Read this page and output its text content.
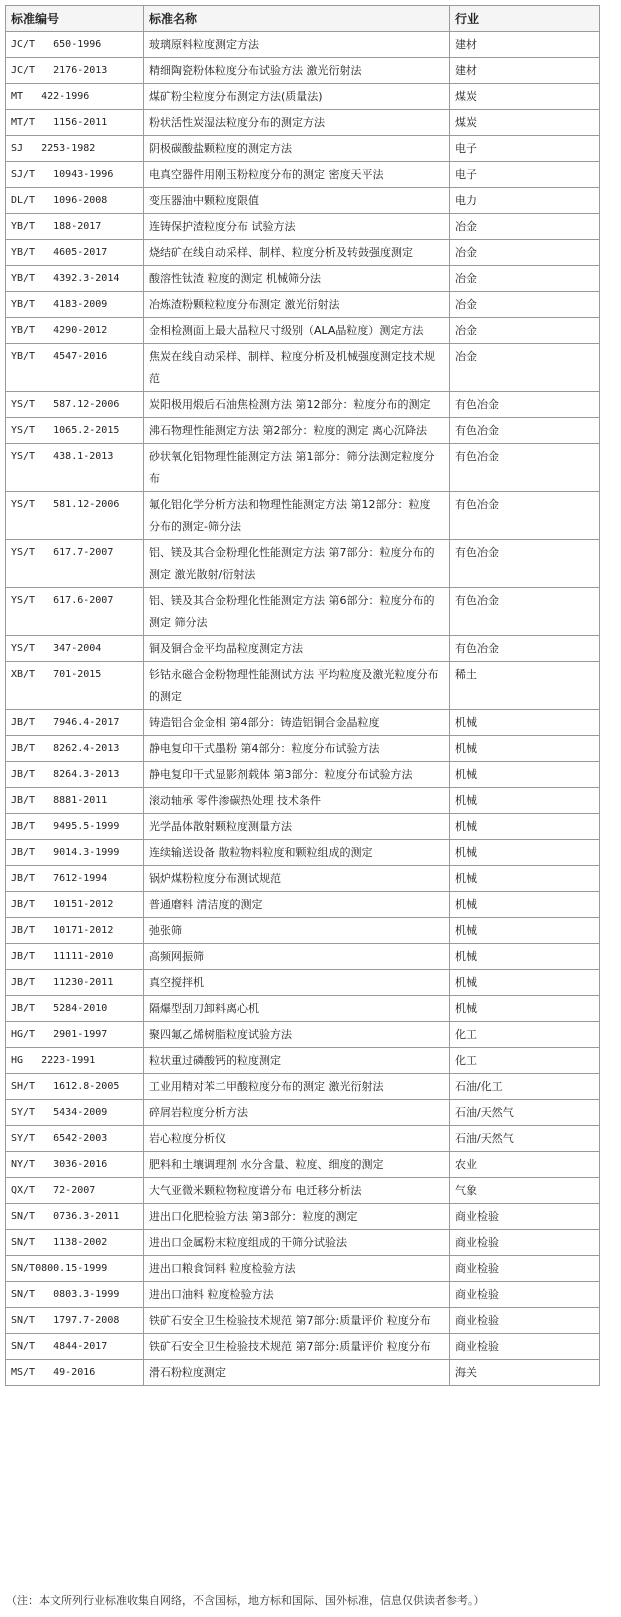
标准编号	标准名称	行业
JC/T   650-1996	玻璃原料粒度测定方法	建材
JC/T   2176-2013	精细陶瓷粉体粒度分布试验方法 激光衍射法	建材
MT   422-1996	煤矿粉尘粒度分布测定方法(质量法)	煤炭
MT/T   1156-2011	粉状活性炭湿法粒度分布的测定方法	煤炭
SJ   2253-1982	阴极碳酸盐颗粒度的测定方法	电子
SJ/T   10943-1996	电真空器件用刚玉粉粒度分布的测定 密度天平法	电子
DL/T   1096-2008	变压器油中颗粒度限值	电力
YB/T   188-2017	连铸保护渣粒度分布 试验方法	冶金
YB/T   4605-2017	烧结矿在线自动采样、制样、粒度分析及转鼓强度测定	冶金
YB/T   4392.3-2014	酸溶性钛渣 粒度的测定 机械筛分法	冶金
YB/T   4183-2009	冶炼渣粉颗粒粒度分布测定 激光衍射法	冶金
YB/T   4290-2012	金相检测面上最大晶粒尺寸级别（ALA晶粒度）测定方法	冶金
YB/T   4547-2016	焦炭在线自动采样、制样、粒度分析及机械强度测定技术规范	冶金
YS/T   587.12-2006	炭阳极用煅后石油焦检测方法 第12部分：粒度分布的测定	有色冶金
YS/T   1065.2-2015	沸石物理性能测定方法 第2部分：粒度的测定 离心沉降法	有色冶金
YS/T   438.1-2013	砂状氧化铝物理性能测定方法 第1部分：筛分法测定粒度分布	有色冶金
YS/T   581.12-2006	氟化铝化学分析方法和物理性能测定方法 第12部分：粒度分布的测定-筛分法	有色冶金
YS/T   617.7-2007	铝、镁及其合金粉理化性能测定方法 第7部分：粒度分布的测定 激光散射/衍射法	有色冶金
YS/T   617.6-2007	铝、镁及其合金粉理化性能测定方法 第6部分：粒度分布的测定 筛分法	有色冶金
YS/T   347-2004	铜及铜合金平均晶粒度测定方法	有色冶金
XB/T   701-2015	钐钴永磁合金粉物理性能测试方法 平均粒度及激光粒度分布的测定	稀土
JB/T   7946.4-2017	铸造铝合金金相 第4部分：铸造铝铜合金晶粒度	机械
JB/T   8262.4-2013	静电复印干式墨粉 第4部分：粒度分布试验方法	机械
JB/T   8264.3-2013	静电复印干式显影剂载体 第3部分：粒度分布试验方法	机械
JB/T   8881-2011	滚动轴承 零件渗碳热处理 技术条件	机械
JB/T   9495.5-1999	光学晶体散射颗粒度测量方法	机械
JB/T   9014.3-1999	连续输送设备 散粒物料粒度和颗粒组成的测定	机械
JB/T   7612-1994	锅炉煤粉粒度分布测试规范	机械
JB/T   10151-2012	普通磨料 清洁度的测定	机械
JB/T   10171-2012	弛张筛	机械
JB/T   11111-2010	高频网振筛	机械
JB/T   11230-2011	真空搅拌机	机械
JB/T   5284-2010	隔爆型刮刀卸料离心机	机械
HG/T   2901-1997	聚四氟乙烯树脂粒度试验方法	化工
HG   2223-1991	粒状重过磷酸钙的粒度测定	化工
SH/T   1612.8-2005	工业用精对苯二甲酸粒度分布的测定 激光衍射法	石油/化工
SY/T   5434-2009	碎屑岩粒度分析方法	石油/天然气
SY/T   6542-2003	岩心粒度分析仪	石油/天然气
NY/T   3036-2016	肥料和土壤调理剂 水分含量、粒度、细度的测定	农业
QX/T   72-2007	大气亚微米颗粒物粒度谱分布 电迁移分析法	气象
SN/T   0736.3-2011	进出口化肥检验方法 第3部分：粒度的测定	商业检验
SN/T   1138-2002	进出口金属粉末粒度组成的干筛分试验法	商业检验
SN/T0800.15-1999	进出口粮食饲料 粒度检验方法	商业检验
SN/T   0803.3-1999	进出口油料 粒度检验方法	商业检验
SN/T   1797.7-2008	铁矿石安全卫生检验技术规范 第7部分:质量评价 粒度分布	商业检验
SN/T   4844-2017	铁矿石安全卫生检验技术规范 第7部分:质量评价 粒度分布	商业检验
MS/T   49-2016	滑石粉粒度测定	海关
（注：本文所列行业标准收集自网络，不含国标，地方标和国际、国外标准，信息仅供读者参考。）
